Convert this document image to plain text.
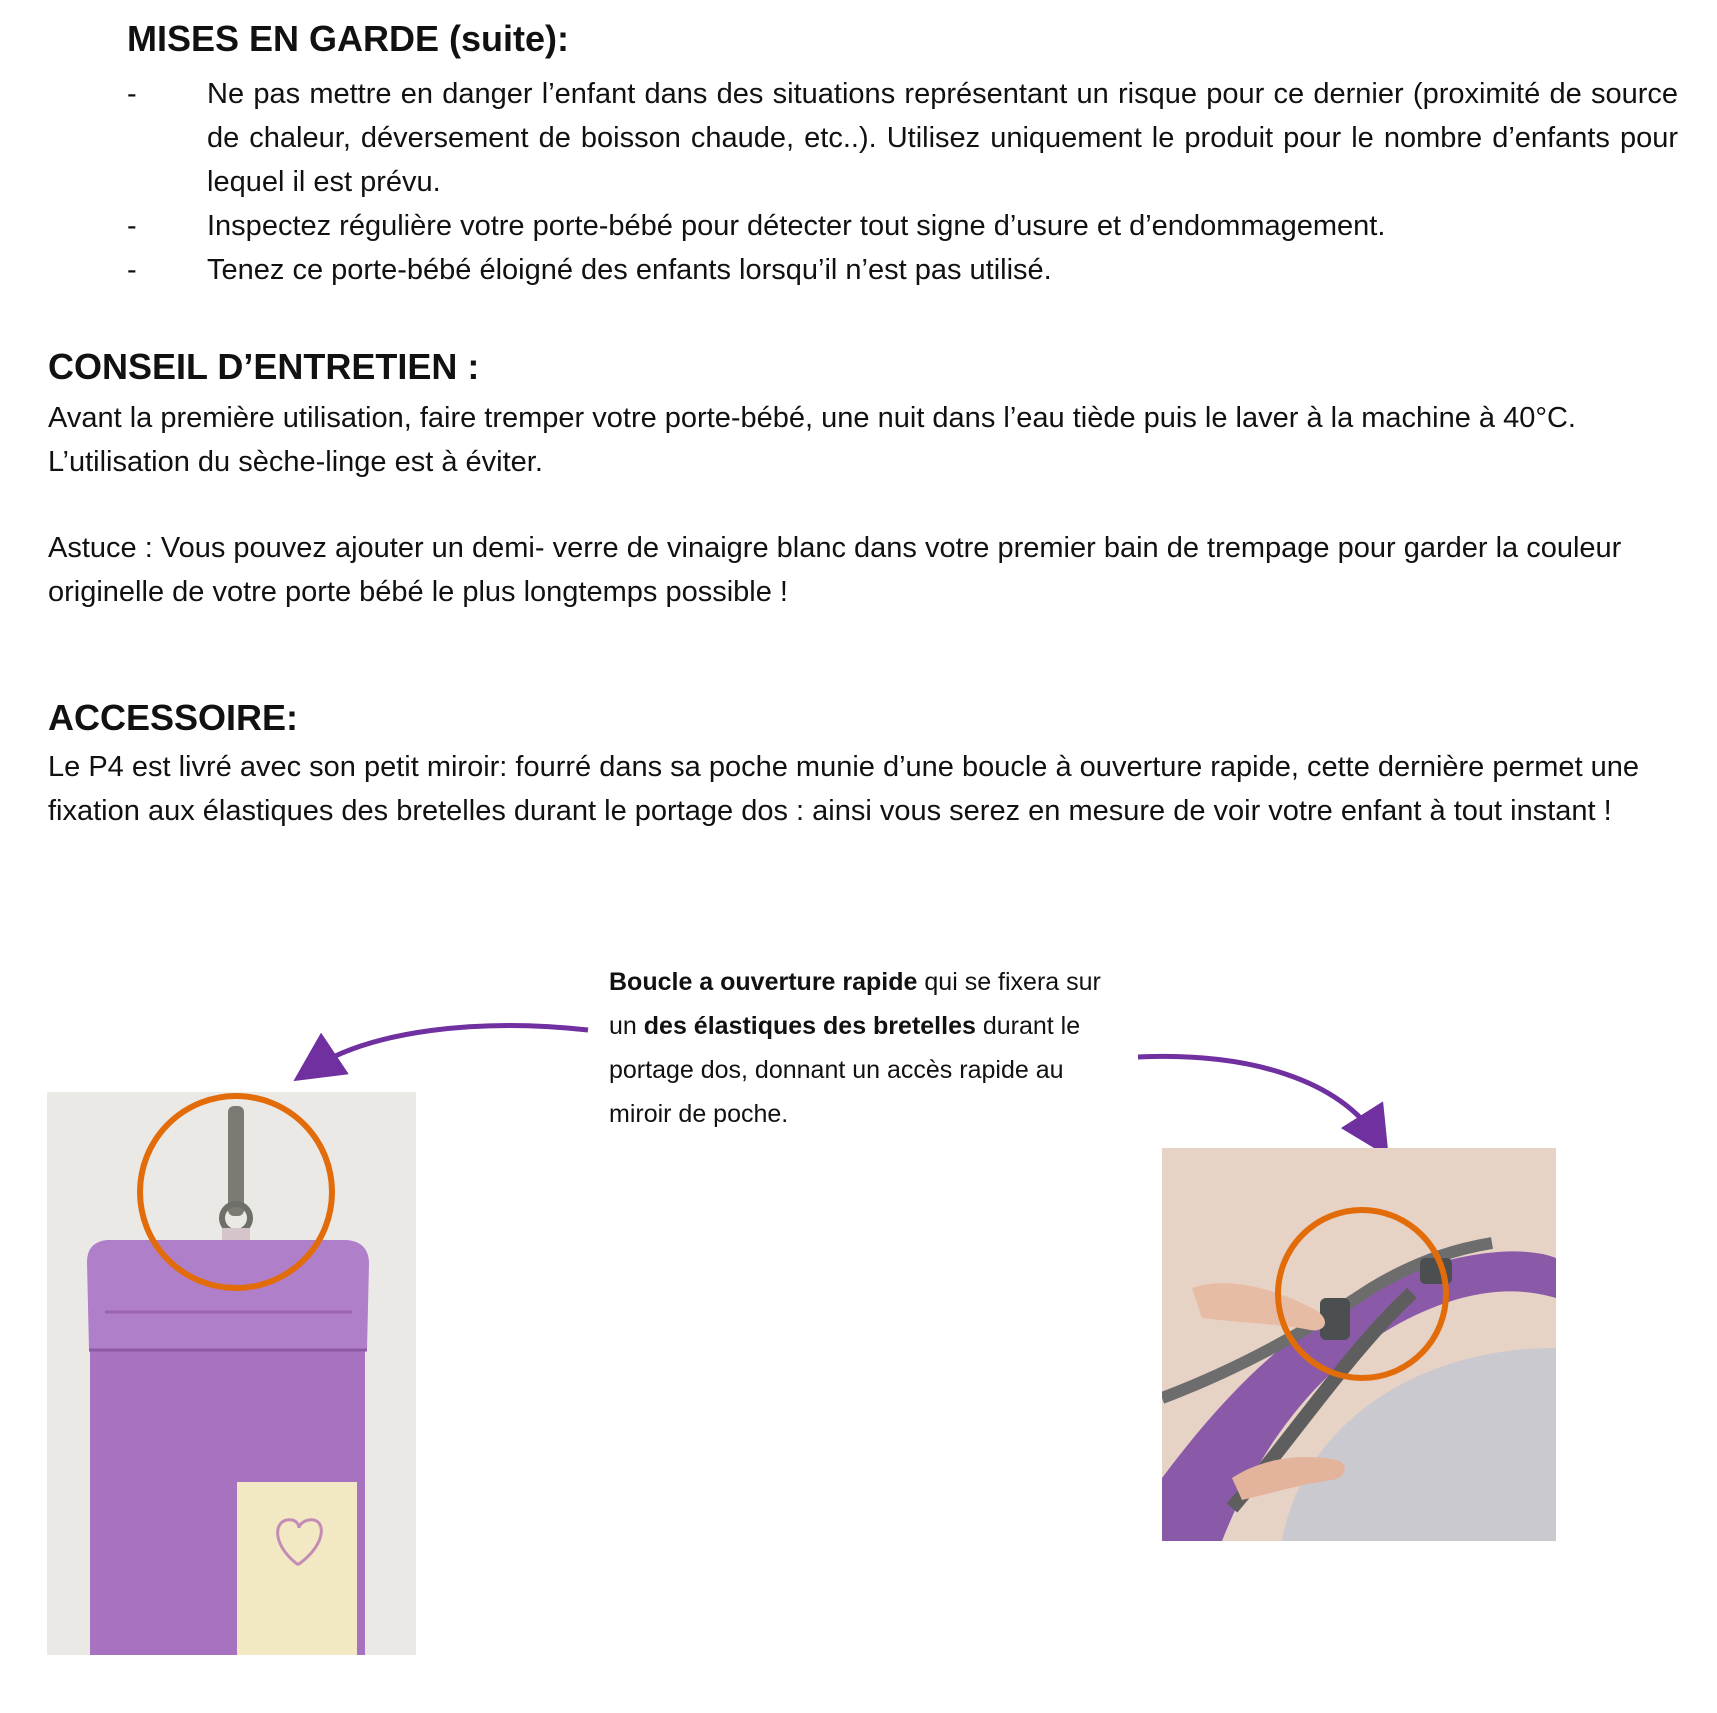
MISES EN GARDE (suite):
- Ne pas mettre en danger l’enfant dans des situations représentant un risque pour ce dernier (proximité de source de chaleur, déversement de boisson chaude, etc..). Utilisez uniquement le produit pour le nombre d’enfants pour lequel il est prévu.

- Inspectez régulière votre porte-bébé pour détecter tout signe d’usure et d’endommagement.

- Tenez ce porte-bébé éloigné des enfants lorsqu’il n’est pas utilisé.

CONSEIL D’ENTRETIEN :

Avant la première utilisation, faire tremper votre porte-bébé, une nuit dans l’eau tiède puis le laver à la machine à 40°C. L’utilisation du sèche-linge est à éviter.

Astuce : Vous pouvez ajouter un demi- verre de vinaigre blanc dans votre premier bain de trempage pour garder la couleur originelle de votre porte bébé le plus longtemps possible !

ACCESSOIRE:

Le P4 est livré avec son petit miroir: fourré dans sa poche munie d’une boucle à ouverture rapide, cette dernière permet une fixation aux élastiques des bretelles durant le portage dos : ainsi vous serez en mesure de voir votre enfant à tout instant !

Boucle a ouverture rapide qui se fixera sur un des élastiques des bretelles durant le portage dos, donnant un accès rapide au miroir de poche.
